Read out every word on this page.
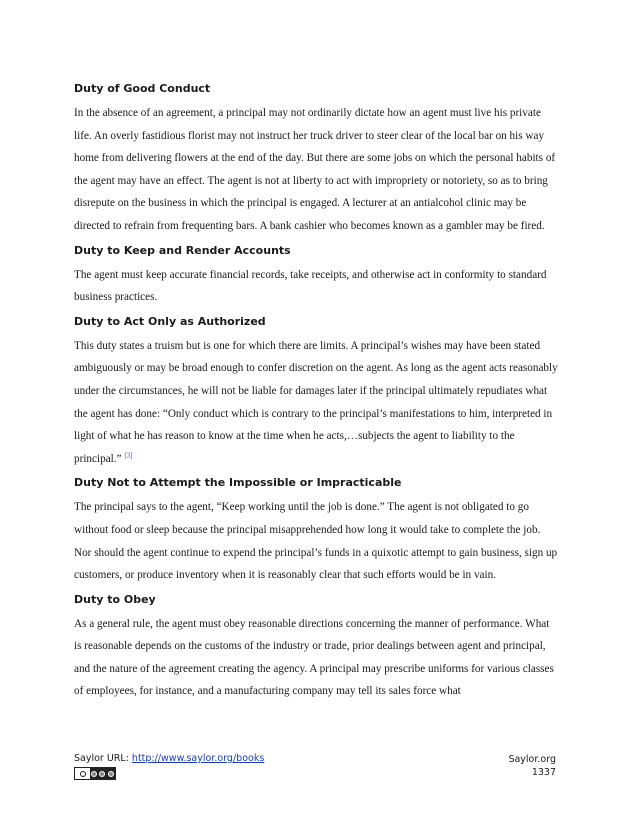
Duty of Good Conduct

In the absence of an agreement, a principal may not ordinarily dictate how an agent must live his private life. An overly fastidious florist may not instruct her truck driver to steer clear of the local bar on his way home from delivering flowers at the end of the day. But there are some jobs on which the personal habits of the agent may have an effect. The agent is not at liberty to act with impropriety or notoriety, so as to bring disrepute on the business in which the principal is engaged. A lecturer at an antialcohol clinic may be directed to refrain from frequenting bars. A bank cashier who becomes known as a gambler may be fired.

Duty to Keep and Render Accounts

The agent must keep accurate financial records, take receipts, and otherwise act in conformity to standard business practices.

Duty to Act Only as Authorized

This duty states a truism but is one for which there are limits. A principal’s wishes may have been stated ambiguously or may be broad enough to confer discretion on the agent. As long as the agent acts reasonably under the circumstances, he will not be liable for damages later if the principal ultimately repudiates what the agent has done: “Only conduct which is contrary to the principal’s manifestations to him, interpreted in light of what he has reason to know at the time when he acts,…subjects the agent to liability to the principal.” [3]

Duty Not to Attempt the Impossible or Impracticable

The principal says to the agent, “Keep working until the job is done.” The agent is not obligated to go without food or sleep because the principal misapprehended how long it would take to complete the job. Nor should the agent continue to expend the principal’s funds in a quixotic attempt to gain business, sign up customers, or produce inventory when it is reasonably clear that such efforts would be in vain.

Duty to Obey

As a general rule, the agent must obey reasonable directions concerning the manner of performance. What is reasonable depends on the customs of the industry or trade, prior dealings between agent and principal, and the nature of the agreement creating the agency. A principal may prescribe uniforms for various classes of employees, for instance, and a manufacturing company may tell its sales force what

Saylor URL: http://www.saylor.org/books	Saylor.org
1337
